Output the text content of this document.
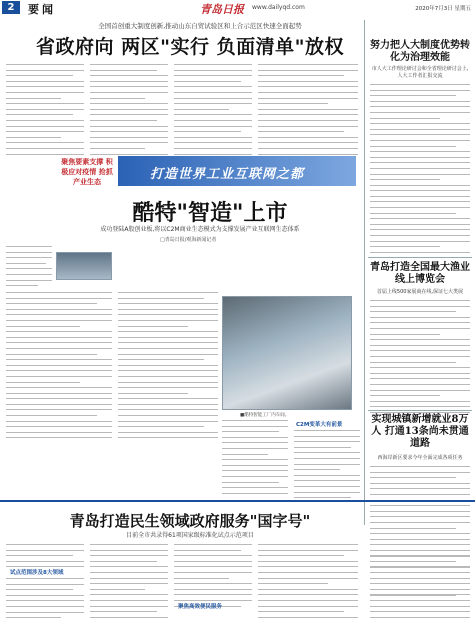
2	要闻	青岛日报 www.dailyqd.com	2020年7月3日 星期五
全国首创重大制度创新,推动山东自贸试验区和上合示范区快速全面起势
省政府向 两区"实行 负面清单"放权
聚焦要素支撑 积极应对疫情 抢抓产业生态	打造世界工业互联网之都
酷特"智造"上市
成功登陆A股创业板,将以C2M商业生态模式为支撑发展产业互联网生态体系
□青岛日报/观海新闻记者
■酷特智能工厂内车间。
C2M变革大有前景
努力把人大制度优势转化为治理效能
市人大工作理论研讨会和全省理论研讨会上,人大工作者汇报交流
青岛打造全国最大渔业线上博览会
首届上线500家展商在线,保证七大类展
实现城镇新增就业8万人 打通13条尚未贯通道路
西海岸新区要求今年全面完成各项任务
青岛打造民生领域政府服务"国字号"
目前全市共录得61项国家级标准化试点示范项目
试点范围涉及8大领域
聚焦高效便民服务
